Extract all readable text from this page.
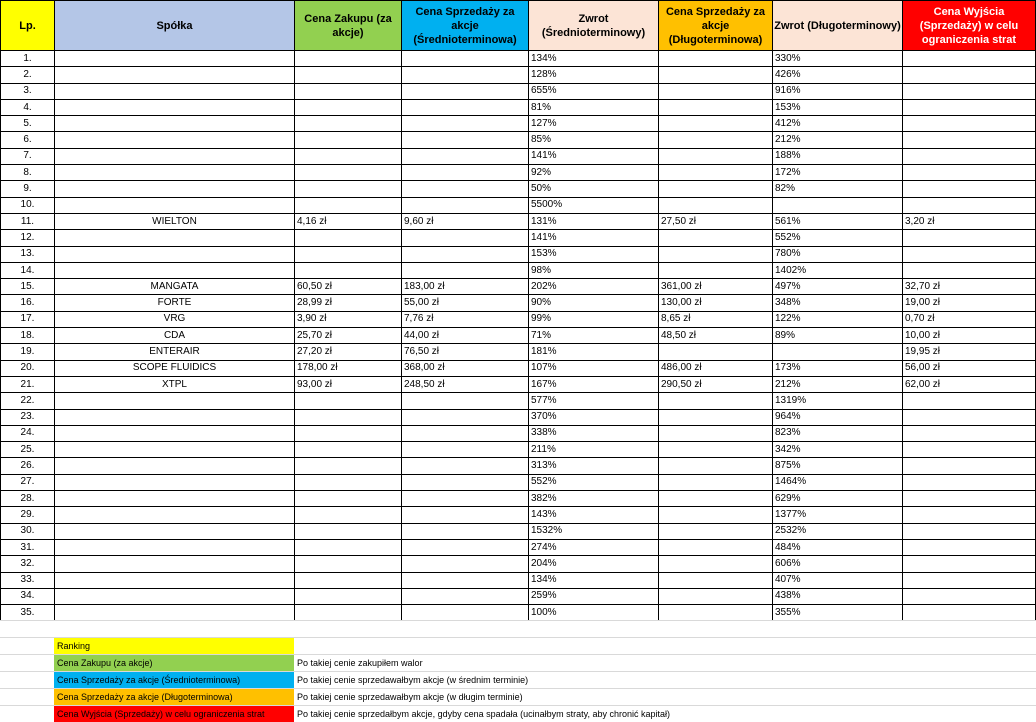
Lp.	Spółka	Cena Zakupu (za akcje)	Cena Sprzedaży za akcje (Średnioterminowa)	Zwrot (Średnioterminowy)	Cena Sprzedaży za akcje (Długoterminowa)	Zwrot (Długoterminowy)	Cena Wyjścia (Sprzedaży) w celu ograniczenia strat
1.				134%		330%	
2.				128%		426%	
3.				655%		916%	
4.				81%		153%	
5.				127%		412%	
6.				85%		212%	
7.				141%		188%	
8.				92%		172%	
9.				50%		82%	
10.				5500%			
11.	WIELTON	4,16 zł	9,60 zł	131%	27,50 zł	561%	3,20 zł
12.				141%		552%	
13.				153%		780%	
14.				98%		1402%	
15.	MANGATA	60,50 zł	183,00 zł	202%	361,00 zł	497%	32,70 zł
16.	FORTE	28,99 zł	55,00 zł	90%	130,00 zł	348%	19,00 zł
17.	VRG	3,90 zł	7,76 zł	99%	8,65 zł	122%	0,70 zł
18.	CDA	25,70 zł	44,00 zł	71%	48,50 zł	89%	10,00 zł
19.	ENTERAIR	27,20 zł	76,50 zł	181%			19,95 zł
20.	SCOPE FLUIDICS	178,00 zł	368,00 zł	107%	486,00 zł	173%	56,00 zł
21.	XTPL	93,00 zł	248,50 zł	167%	290,50 zł	212%	62,00 zł
22.				577%		1319%	
23.				370%		964%	
24.				338%		823%	
25.				211%		342%	
26.				313%		875%	
27.				552%		1464%	
28.				382%		629%	
29.				143%		1377%	
30.				1532%		2532%	
31.				274%		484%	
32.				204%		606%	
33.				134%		407%	
34.				259%		438%	
35.				100%		355%	
Ranking
Cena Zakupu (za akcje)	Po takiej cenie zakupiłem walor
Cena Sprzedaży za akcje (Średnioterminowa)	Po takiej cenie sprzedawałbym akcje (w średnim terminie)
Cena Sprzedaży za akcje (Długoterminowa)	Po takiej cenie sprzedawałbym akcje (w długim terminie)
Cena Wyjścia (Sprzedaży) w celu ograniczenia strat	Po takiej cenie sprzedałbym akcje, gdyby cena spadała (ucinałbym straty, aby chronić kapitał)
